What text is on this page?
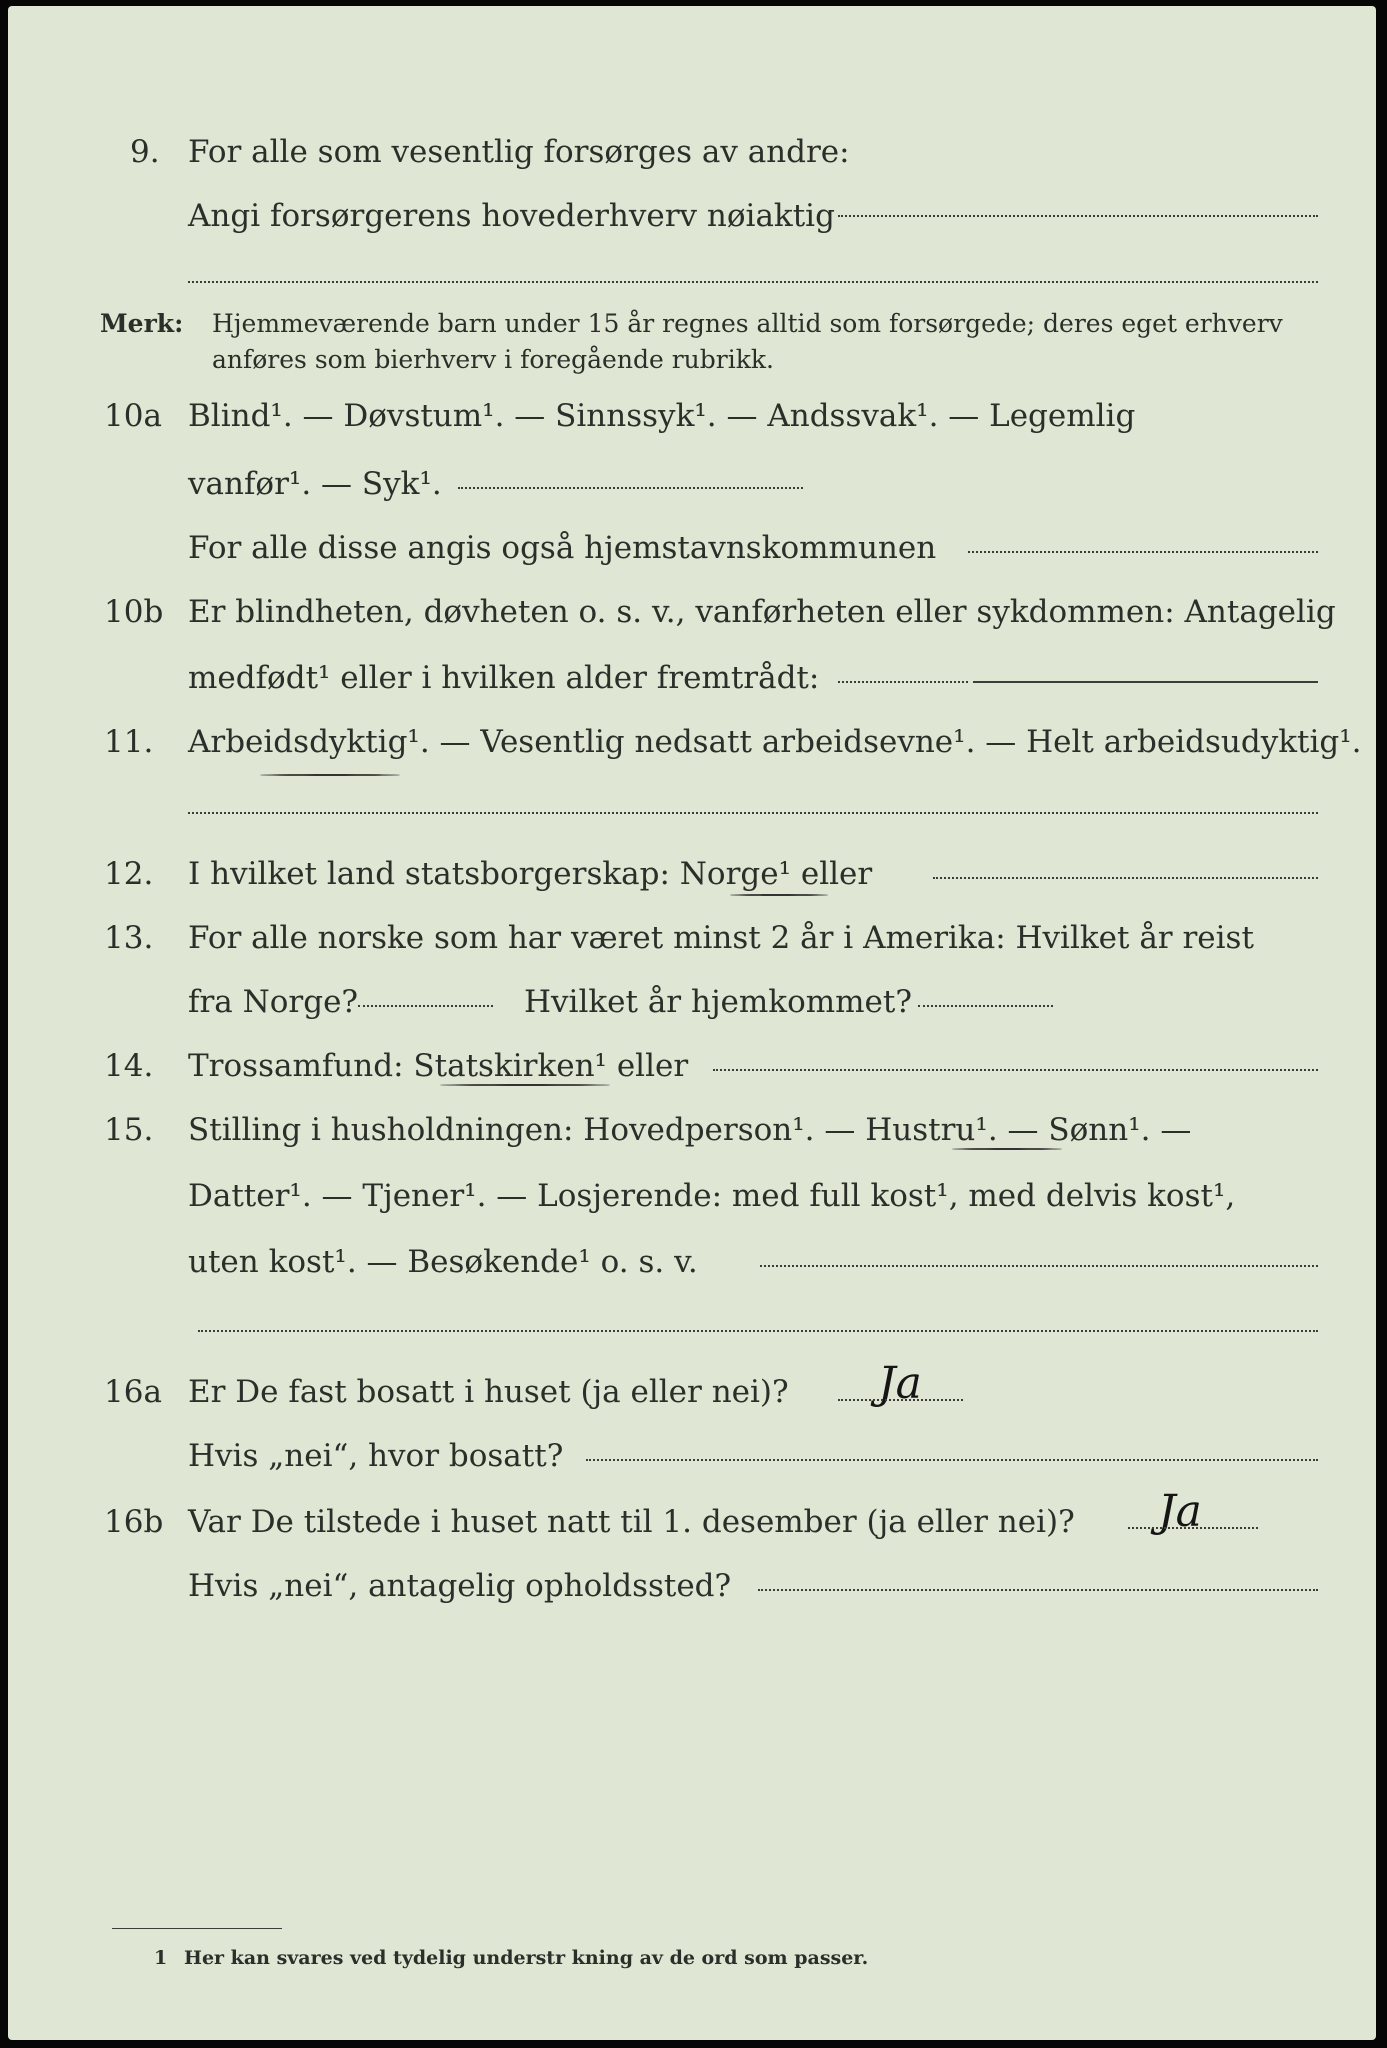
9. For alle som vesentlig forsørges av andre:
Angi forsørgerens hovederhverv nøiaktig
Merk: Hjemmeværende barn under 15 år regnes alltid som forsørgede; deres eget erhverv
anføres som bierhverv i foregående rubrikk.
10a Blind¹. — Døvstum¹. — Sinnssyk¹. — Andssvak¹. — Legemlig
vanfør¹. — Syk¹.
For alle disse angis også hjemstavnskommunen
10b Er blindheten, døvheten o. s. v., vanførheten eller sykdommen: Antagelig
medfødt¹ eller i hvilken alder fremtrådt:
11. Arbeidsdyktig¹. — Vesentlig nedsatt arbeidsevne¹. — Helt arbeidsudyktig¹.
12. I hvilket land statsborgerskap: Norge¹ eller
13. For alle norske som har været minst 2 år i Amerika: Hvilket år reist
fra Norge?	Hvilket år hjemkommet?
14. Trossamfund: Statskirken¹ eller
15. Stilling i husholdningen: Hovedperson¹. — Hustru¹. — Sønn¹. —
Datter¹. — Tjener¹. — Losjerende: med full kost¹, med delvis kost¹,
uten kost¹. — Besøkende¹ o. s. v.
16a Er De fast bosatt i huset (ja eller nei)? Ja
Hvis „nei“, hvor bosatt?
16b Var De tilstede i huset natt til 1. desember (ja eller nei)? Ja
Hvis „nei“, antagelig opholdssted?
1 Her kan svares ved tydelig understr kning av de ord som passer.
